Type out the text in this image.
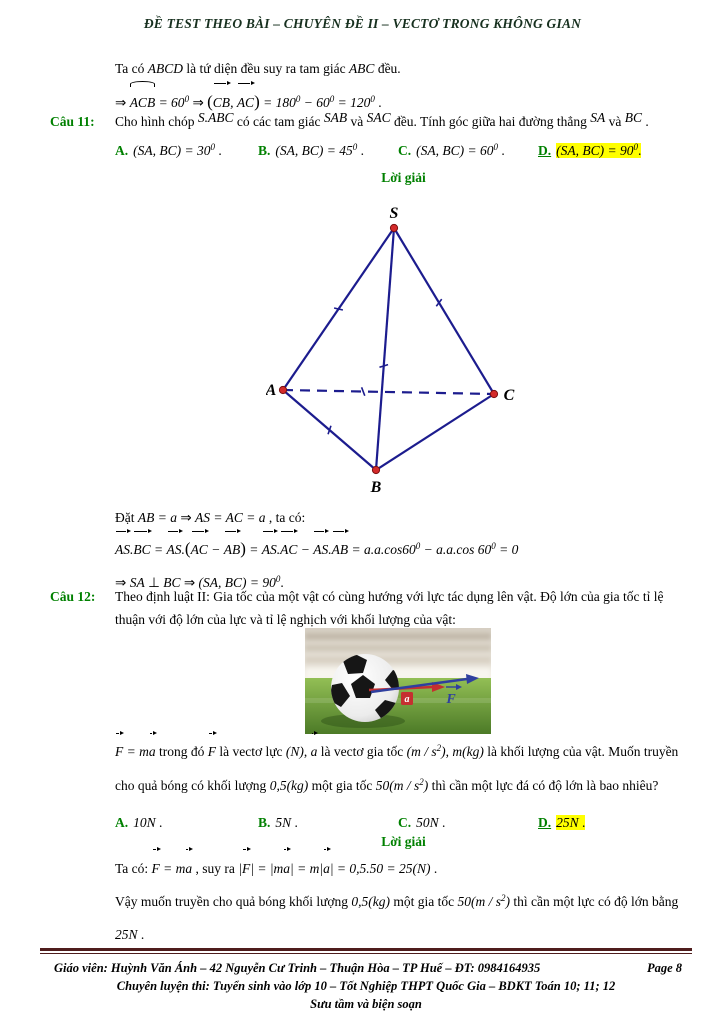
ĐỀ TEST THEO BÀI – CHUYÊN ĐỀ II – VECTƠ TRONG KHÔNG GIAN
Ta có ABCD là tứ diện đều suy ra tam giác ABC đều.
⇒ ACB = $60^0$ ⇒ (CB, $AC) = 180^0 - 60^0 = 120^0$ .
Câu 11:	Cho hình chóp S.ABC có các tam giác SAB và SAC đều. Tính góc giữa hai đường thẳng SA và BC .
A. (SA, $BC) = 30^0$ .	B. (SA, $BC) = 45^0$ .	C. (SA, $BC) = 60^0$ .	D. (SA, $BC) = 90^0$.
Lời giải
S
A	C
B
Đặt AB = a ⇒ AS = AC = a , ta có:
$AS.BC = AS.(AC - AB) = AS.AC - AS.AB = a.a.\cos 60^0 - a.a.\cos$ $60^0 = 0$
⇒ SA ⊥ BC ⇒ (SA, $BC) = 90^0$.
Câu 12:	Theo định luật II: Gia tốc của một vật có cùng hướng với lực tác dụng lên vật. Độ lớn của gia tốc tỉ lệ thuận với độ lớn của lực và tỉ lệ nghịch với khối lượng của vật:
a	F
F = ma trong đó F là vectơ lực (N), a là vectơ gia tốc $(m / s^2)$, m(kg) là khối lượng của vật. Muốn truyền cho quả bóng có khối lượng 0,5(kg) một gia tốc $50(m / s^2)$ thì cần một lực đá có độ lớn là bao nhiêu?
A. 10N .	B. 5N .	C. 50N .	D. 25N .
Lời giải
Ta có: F = ma , suy ra |F| = |ma| = m|a| = 0,5.50 = 25(N) .
Vậy muốn truyền cho quả bóng khối lượng 0,5(kg) một gia tốc $50(m / s^2)$ thì cần một lực có độ lớn bằng 25N .
Giáo viên: Huỳnh Văn Ánh – 42 Nguyễn Cư Trinh – Thuận Hòa – TP Huế – ĐT: 0984164935	Page 8
Chuyên luyện thi: Tuyển sinh vào lớp 10 – Tốt Nghiệp THPT Quốc Gia – BDKT Toán 10; 11; 12
Sưu tầm và biện soạn
